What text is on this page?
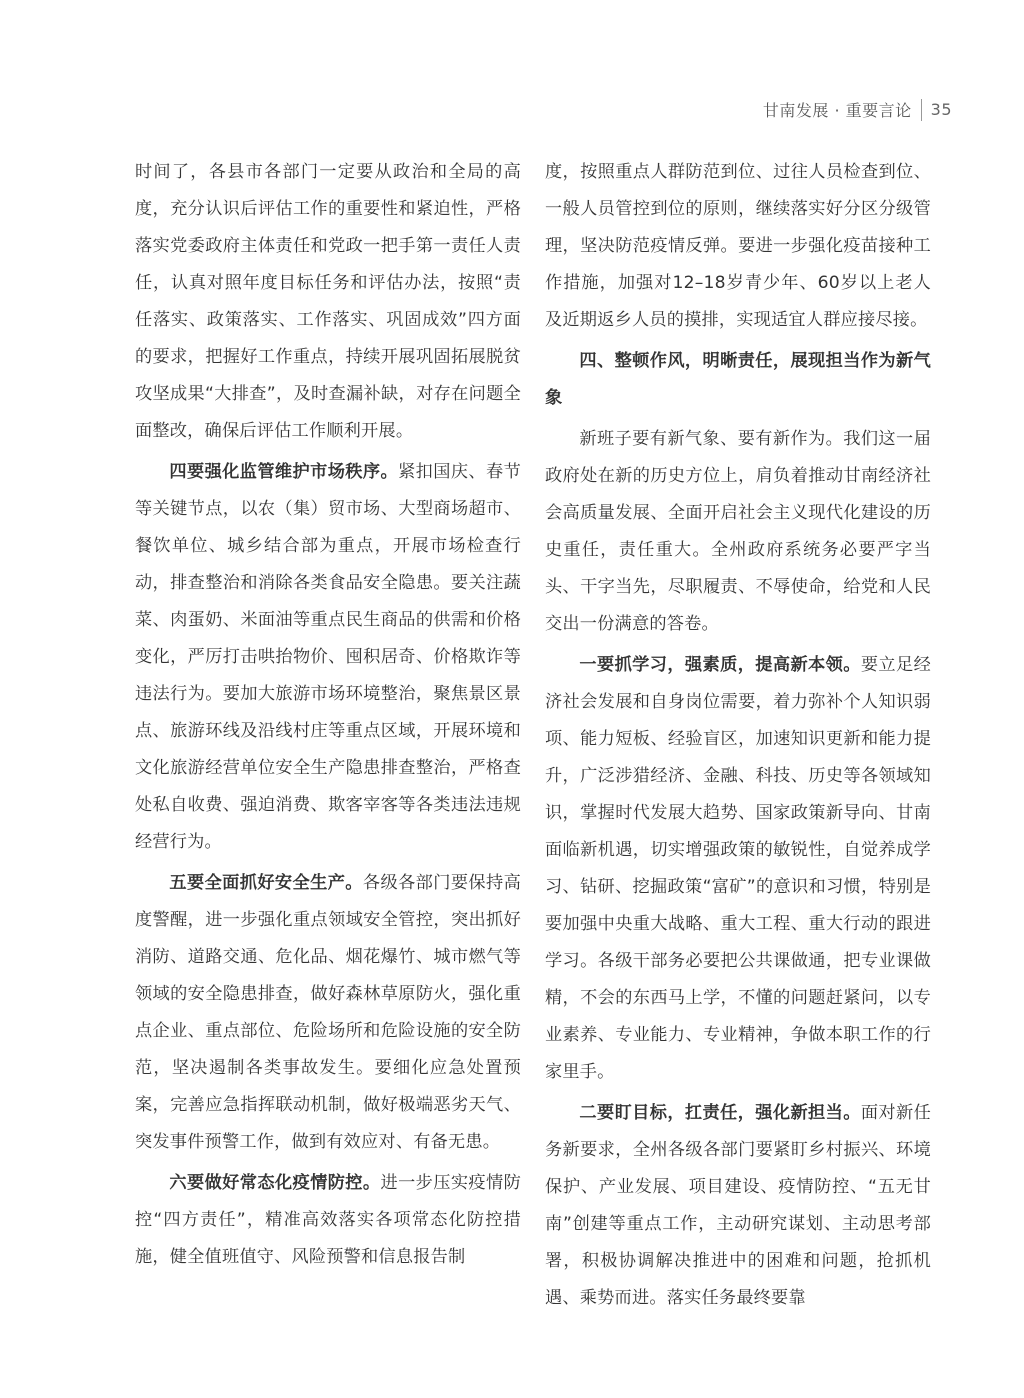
甘南发展 · 重要言论 35

时间了，各县市各部门一定要从政治和全局的高度，充分认识后评估工作的重要性和紧迫性，严格落实党委政府主体责任和党政一把手第一责任人责任，认真对照年度目标任务和评估办法，按照“责任落实、政策落实、工作落实、巩固成效”四方面的要求，把握好工作重点，持续开展巩固拓展脱贫攻坚成果“大排查”，及时查漏补缺，对存在问题全面整改，确保后评估工作顺利开展。

四要强化监管维护市场秩序。紧扣国庆、春节等关键节点，以农（集）贸市场、大型商场超市、餐饮单位、城乡结合部为重点，开展市场检查行动，排查整治和消除各类食品安全隐患。要关注蔬菜、肉蛋奶、米面油等重点民生商品的供需和价格变化，严厉打击哄抬物价、囤积居奇、价格欺诈等违法行为。要加大旅游市场环境整治，聚焦景区景点、旅游环线及沿线村庄等重点区域，开展环境和文化旅游经营单位安全生产隐患排查整治，严格查处私自收费、强迫消费、欺客宰客等各类违法违规经营行为。

五要全面抓好安全生产。各级各部门要保持高度警醒，进一步强化重点领域安全管控，突出抓好消防、道路交通、危化品、烟花爆竹、城市燃气等领域的安全隐患排查，做好森林草原防火，强化重点企业、重点部位、危险场所和危险设施的安全防范，坚决遏制各类事故发生。要细化应急处置预案，完善应急指挥联动机制，做好极端恶劣天气、突发事件预警工作，做到有效应对、有备无患。

六要做好常态化疫情防控。进一步压实疫情防控“四方责任”，精准高效落实各项常态化防控措施，健全值班值守、风险预警和信息报告制

度，按照重点人群防范到位、过往人员检查到位、一般人员管控到位的原则，继续落实好分区分级管理，坚决防范疫情反弹。要进一步强化疫苗接种工作措施，加强对12–18岁青少年、60岁以上老人及近期返乡人员的摸排，实现适宜人群应接尽接。

四、整顿作风，明晰责任，展现担当作为新气象

新班子要有新气象、要有新作为。我们这一届政府处在新的历史方位上，肩负着推动甘南经济社会高质量发展、全面开启社会主义现代化建设的历史重任，责任重大。全州政府系统务必要严字当头、干字当先，尽职履责、不辱使命，给党和人民交出一份满意的答卷。

一要抓学习，强素质，提高新本领。要立足经济社会发展和自身岗位需要，着力弥补个人知识弱项、能力短板、经验盲区，加速知识更新和能力提升，广泛涉猎经济、金融、科技、历史等各领域知识，掌握时代发展大趋势、国家政策新导向、甘南面临新机遇，切实增强政策的敏锐性，自觉养成学习、钻研、挖掘政策“富矿”的意识和习惯，特别是要加强中央重大战略、重大工程、重大行动的跟进学习。各级干部务必要把公共课做通，把专业课做精，不会的东西马上学，不懂的问题赶紧问，以专业素养、专业能力、专业精神，争做本职工作的行家里手。

二要盯目标，扛责任，强化新担当。面对新任务新要求，全州各级各部门要紧盯乡村振兴、环境保护、产业发展、项目建设、疫情防控、“五无甘南”创建等重点工作，主动研究谋划、主动思考部署，积极协调解决推进中的困难和问题，抢抓机遇、乘势而进。落实任务最终要靠
